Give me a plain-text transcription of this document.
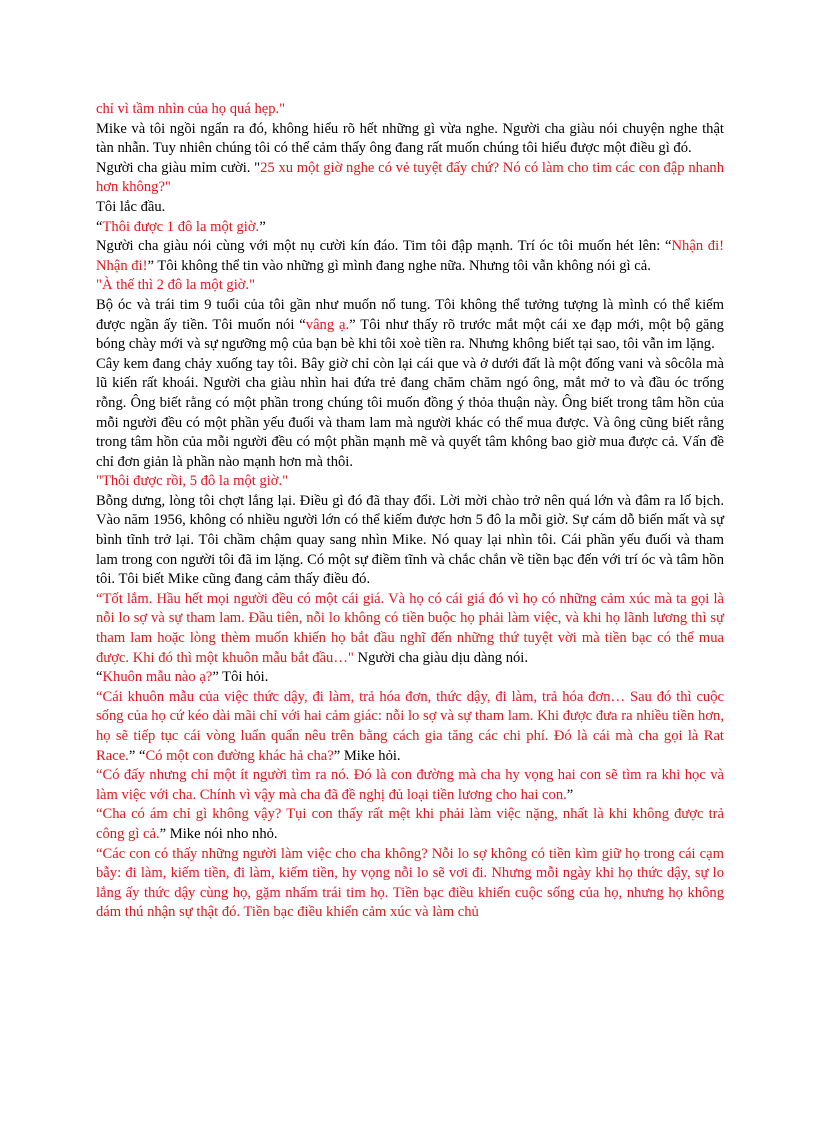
chỉ vì tầm nhìn của họ quá hẹp."

Mike và tôi ngồi ngẩn ra đó, không hiểu rõ hết những gì vừa nghe. Người cha giàu nói chuyện nghe thật tàn nhẫn. Tuy nhiên chúng tôi có thể cảm thấy ông đang rất muốn chúng tôi hiểu được một điều gì đó.

Người cha giàu mỉm cười. "25 xu một giờ nghe có vẻ tuyệt đấy chứ? Nó có làm cho tim các con đập nhanh hơn không?"

Tôi lắc đầu.

“Thôi được 1 đô la một giờ.”

Người cha giàu nói cùng với một nụ cười kín đáo. Tim tôi đập mạnh. Trí óc tôi muốn hét lên: “Nhận đi! Nhận đi!” Tôi không thể tin vào những gì mình đang nghe nữa. Nhưng tôi vẫn không nói gì cả.

"À thế thì 2 đô la một giờ."

Bộ óc và trái tim 9 tuổi của tôi gần như muốn nổ tung. Tôi không thể tưởng tượng là mình có thể kiếm được ngần ấy tiền. Tôi muốn nói “vâng ạ.” Tôi như thấy rõ trước mắt một cái xe đạp mới, một bộ găng bóng chày mới và sự ngưỡng mộ của bạn bè khi tôi xoè tiền ra. Nhưng không biết tại sao, tôi vẫn im lặng.

Cây kem đang chảy xuống tay tôi. Bây giờ chỉ còn lại cái que và ở dưới đất là một đống vani và sôcôla mà lũ kiến rất khoái. Người cha giàu nhìn hai đứa trẻ đang chăm chăm ngó ông, mắt mở to và đầu óc trống rỗng. Ông biết rằng có một phần trong chúng tôi muốn đồng ý thỏa thuận này. Ông biết trong tâm hồn của mỗi người đều có một phần yếu đuối và tham lam mà người khác có thể mua được. Và ông cũng biết rằng trong tâm hồn của mỗi người đều có một phần mạnh mẽ và quyết tâm không bao giờ mua được cả. Vấn đề chỉ đơn giản là phần nào mạnh hơn mà thôi.

"Thôi được rồi, 5 đô la một giờ."

Bỗng dưng, lòng tôi chợt lắng lại. Điều gì đó đã thay đổi. Lời mời chào trở nên quá lớn và đâm ra lố bịch. Vào năm 1956, không có nhiều người lớn có thể kiếm được hơn 5 đô la mỗi giờ. Sự cám dỗ biến mất và sự bình tĩnh trở lại. Tôi chầm chậm quay sang nhìn Mike. Nó quay lại nhìn tôi. Cái phần yếu đuối và tham lam trong con người tôi đã im lặng. Có một sự điềm tĩnh và chắc chắn về tiền bạc đến với trí óc và tâm hồn tôi. Tôi biết Mike cũng đang cảm thấy điều đó.

“Tốt lắm. Hầu hết mọi người đều có một cái giá. Và họ có cái giá đó vì họ có những cảm xúc mà ta gọi là nỗi lo sợ và sự tham lam. Đầu tiên, nỗi lo không có tiền buộc họ phải làm việc, và khi họ lãnh lương thì sự tham lam hoặc lòng thèm muốn khiến họ bắt đầu nghĩ đến những thứ tuyệt vời mà tiền bạc có thể mua được. Khi đó thì một khuôn mẫu bắt đầu…" Người cha giàu dịu dàng nói.

“Khuôn mẫu nào ạ?” Tôi hỏi.

“Cái khuôn mẫu của việc thức dậy, đi làm, trả hóa đơn, thức dậy, đi làm, trả hóa đơn… Sau đó thì cuộc sống của họ cứ kéo dài mãi chỉ với hai cảm giác: nỗi lo sợ và sự tham lam. Khi được đưa ra nhiều tiền hơn, họ sẽ tiếp tục cái vòng luẩn quẩn nêu trên bằng cách gia tăng các chi phí. Đó là cái mà cha gọi là Rat Race.” “Có một con đường khác hả cha?” Mike hỏi.

“Có đấy nhưng chỉ một ít người tìm ra nó. Đó là con đường mà cha hy vọng hai con sẽ tìm ra khi học và làm việc với cha. Chính vì vậy mà cha đã đề nghị đủ loại tiền lương cho hai con.”

“Cha có ám chỉ gì không vậy? Tụi con thấy rất mệt khi phải làm việc nặng, nhất là khi không được trả công gì cả.” Mike nói nho nhỏ.

“Các con có thấy những người làm việc cho cha không? Nỗi lo sợ không có tiền kìm giữ họ trong cái cạm bẫy: đi làm, kiếm tiền, đi làm, kiếm tiền, hy vọng nỗi lo sẽ vơi đi. Nhưng mỗi ngày khi họ thức dậy, sự lo lắng ấy thức dậy cùng họ, gặm nhấm trái tim họ. Tiền bạc điều khiển cuộc sống của họ, nhưng họ không dám thú nhận sự thật đó. Tiền bạc điều khiển cảm xúc và làm chủ
